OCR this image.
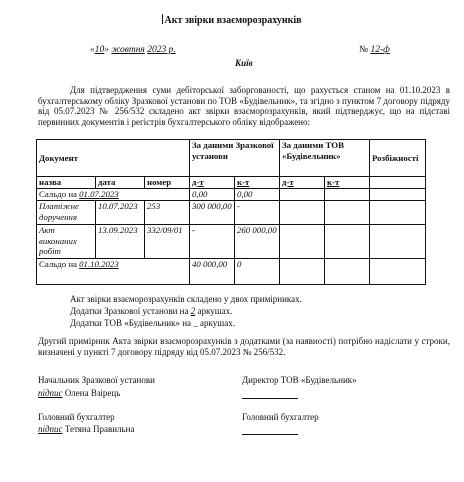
Акт звірки взаєморозрахунків
«10» жовтня 2023 р.	№ 12-ф
Київ
Для підтвердження суми дебіторської заборгованості, що рахується станом на 01.10.2023 в бухгалтерському обліку Зразкової установи по ТОВ «Будівельник», та згідно з пунктом 7 договору підряду від 05.07.2023 № 256/532 складено акт звірки взаєморозрахунків, який підтверджує, що на підставі первинних документів і регістрів бухгалтерського обліку відображено:
Документ			За даними Зразкової установи		За даними ТОВ «Будівельник»		Розбіжності
назва	дата	номер	д-т	к-т	д-т	к-т	
Сальдо на 01.07.2023			0,00	0,00			
Платіжне доручення	10.07.2023	253	300 000,00	-			
Акт виконаних робіт	13.09.2023	332/09/01	-	260 000,00			
Сальдо на 01.10.2023			40 000,00	0			
Акт звірки взаєморозрахунків складено у двох примірниках.
Додатки Зразкової установи на 2 аркушах.
Додатки ТОВ «Будівельник» на _ аркушах.
Другий примірник Акта звірки взаєморозрахунків з додатками (за наявності) потрібно надіслати у строки, визначені у пункті 7 договору підряду від 05.07.2023 № 256/532.
Начальник Зразкової установи
підпис Олена Взірець
Директор ТОВ «Будівельник»
Головний бухгалтер
підпис Тетяна Правильна
Головний бухгалтер
